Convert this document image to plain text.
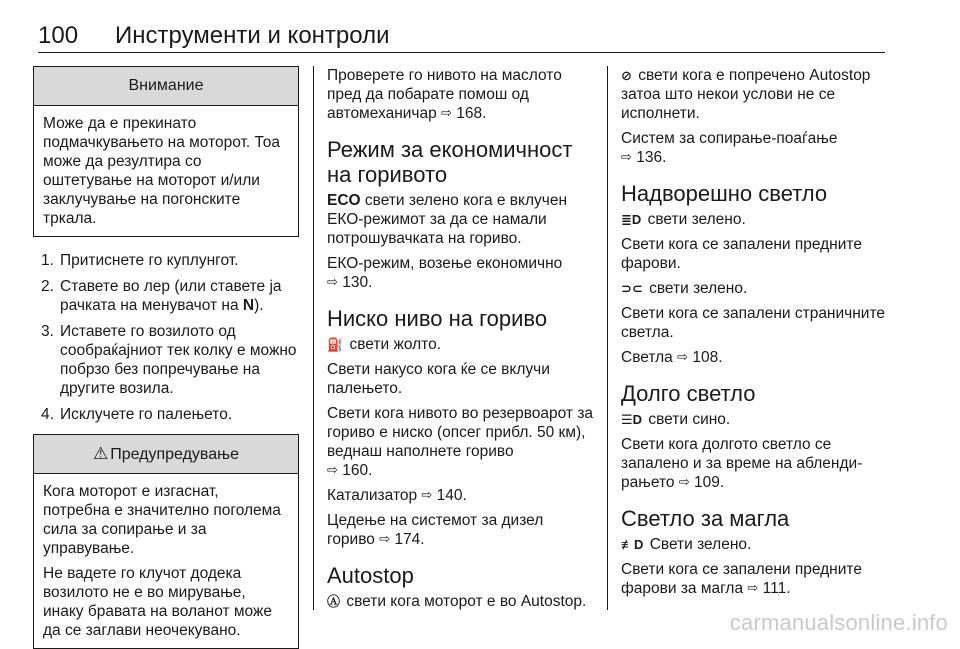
100 Инструменти и контроли
Внимание

Може да е прекинато подмачкувањето на моторот. Тоа може да резултира со оштетување на моторот и/или заклучување на погонските тркала.

1. Притиснете го куплунгот.
2. Ставете во лер (или ставете ја рачката на менувачот на N).
3. Иставете го возилото од сообраќајниот тек колку е можно побрзо без попречување на другите возила.
4. Исклучете го палењето.
⚠ Предупредување

Кога моторот е изгаснат, потребна е значително поголема сила за сопирање и за управување.

Не вадете го клучот додека возилото не е во мирување, инаку бравата на воланот може да се заглави неочекувано.

Проверете го нивото на маслото пред да побарате помош од автомеханичар ⇨ 168.

Режим за економичност на горивото

ECO свети зелено кога е вклучен ЕКО-режимот за да се намали потрошувачката на гориво.

ЕКО-режим, возење економично
⇨ 130.

Ниско ниво на гориво

⛽ свети жолто.

Свети накусо кога ќе се вклучи палењето.

Свети кога нивото во резервоарот за гориво е ниско (опсег прибл. 50 км), веднаш наполнете гориво
⇨ 160.

Катализатор ⇨ 140.

Цедење на системот за дизел гориво ⇨ 174.

Autostop

Ⓐ свети кога моторот е во Autostop.

⊘ свети кога е попречено Autostop затоа што некои услови не се исполнети.

Систем за сопирање-поаѓање
⇨ 136.

Надворешно светло

≣D свети зелено.

Свети кога се запалени предните фарови.

⊃⊂ свети зелено.

Свети кога се запалени страничните светла.

Светла ⇨ 108.

Долго светло

☰D свети сино.

Свети кога долгото светло се запалено и за време на аблендирањето ⇨ 109.

Светло за магла

≢D Свети зелено.

Свети кога се запалени предните фарови за магла ⇨ 111.

carmanualsonline.info
